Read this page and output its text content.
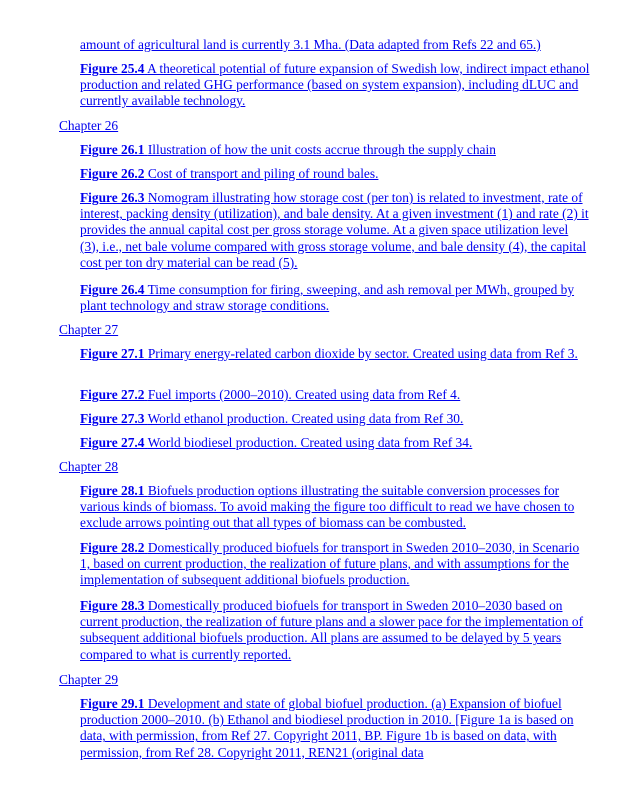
amount of agricultural land is currently 3.1 Mha. (Data adapted from Refs 22 and 65.)

Figure 25.4 A theoretical potential of future expansion of Swedish low, indirect impact ethanol production and related GHG performance (based on system expansion), including dLUC and currently available technology.

Chapter 26

Figure 26.1 Illustration of how the unit costs accrue through the supply chain

Figure 26.2 Cost of transport and piling of round bales.

Figure 26.3 Nomogram illustrating how storage cost (per ton) is related to investment, rate of interest, packing density (utilization), and bale density. At a given investment (1) and rate (2) it provides the annual capital cost per gross storage volume. At a given space utilization level (3), i.e., net bale volume compared with gross storage volume, and bale density (4), the capital cost per ton dry material can be read (5).

Figure 26.4 Time consumption for firing, sweeping, and ash removal per MWh, grouped by plant technology and straw storage conditions.

Chapter 27

Figure 27.1 Primary energy-related carbon dioxide by sector. Created using data from Ref 3.

Figure 27.2 Fuel imports (2000–2010). Created using data from Ref 4.

Figure 27.3 World ethanol production. Created using data from Ref 30.

Figure 27.4 World biodiesel production. Created using data from Ref 34.

Chapter 28

Figure 28.1 Biofuels production options illustrating the suitable conversion processes for various kinds of biomass. To avoid making the figure too difficult to read we have chosen to exclude arrows pointing out that all types of biomass can be combusted.

Figure 28.2 Domestically produced biofuels for transport in Sweden 2010–2030, in Scenario 1, based on current production, the realization of future plans, and with assumptions for the implementation of subsequent additional biofuels production.

Figure 28.3 Domestically produced biofuels for transport in Sweden 2010–2030 based on current production, the realization of future plans and a slower pace for the implementation of subsequent additional biofuels production. All plans are assumed to be delayed by 5 years compared to what is currently reported.

Chapter 29

Figure 29.1 Development and state of global biofuel production. (a) Expansion of biofuel production 2000–2010. (b) Ethanol and biodiesel production in 2010. [Figure 1a is based on data, with permission, from Ref 27. Copyright 2011, BP. Figure 1b is based on data, with permission, from Ref 28. Copyright 2011, REN21 (original data
